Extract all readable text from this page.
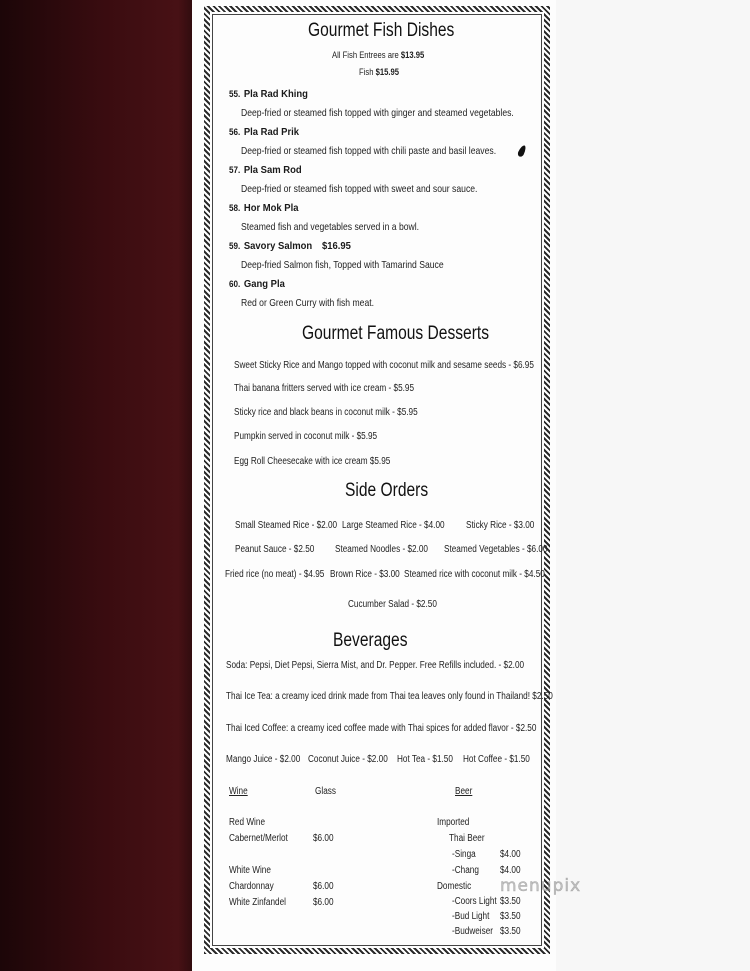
Gourmet Fish Dishes
All Fish Entrees are $13.95
Fish $15.95
55. Pla Rad Khing
Deep-fried or steamed fish topped with ginger and steamed vegetables.
56. Pla Rad Prik
Deep-fried or steamed fish topped with chili paste and basil leaves.
57. Pla Sam Rod
Deep-fried or steamed fish topped with sweet and sour sauce.
58. Hor Mok Pla
Steamed fish and vegetables served in a bowl.
59. Savory Salmon $16.95
Deep-fried Salmon fish, Topped with Tamarind Sauce
60. Gang Pla
Red or Green Curry with fish meat.
Gourmet Famous Desserts
Sweet Sticky Rice and Mango topped with coconut milk and sesame seeds - $6.95
Thai banana fritters served with ice cream - $5.95
Sticky rice and black beans in coconut milk - $5.95
Pumpkin served in coconut milk - $5.95
Egg Roll Cheesecake with ice cream $5.95
Side Orders
Small Steamed Rice - $2.00 Large Steamed Rice - $4.00 Sticky Rice - $3.00
Peanut Sauce - $2.50 Steamed Noodles - $2.00 Steamed Vegetables - $6.00
Fried rice (no meat) - $4.95 Brown Rice - $3.00 Steamed rice with coconut milk - $4.50
Cucumber Salad - $2.50
Beverages
Soda: Pepsi, Diet Pepsi, Sierra Mist, and Dr. Pepper. Free Refills included. - $2.00
Thai Ice Tea: a creamy iced drink made from Thai tea leaves only found in Thailand! $2.50
Thai Iced Coffee: a creamy iced coffee made with Thai spices for added flavor - $2.50
Mango Juice - $2.00 Coconut Juice - $2.00 Hot Tea - $1.50 Hot Coffee - $1.50
Wine	Glass
Red Wine
Cabernet/Merlot	$6.00
White Wine
Chardonnay	$6.00
White Zinfandel	$6.00
Beer
Imported
Thai Beer
-Singa $4.00
-Chang $4.00
Domestic
-Coors Light $3.50
-Bud Light $3.50
-Budweiser $3.50
menupix
